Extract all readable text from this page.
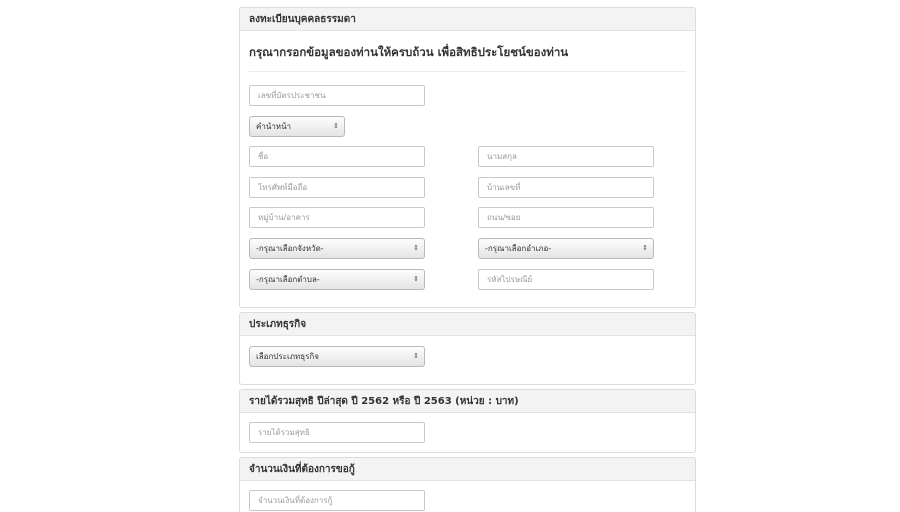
ลงทะเบียนบุคคลธรรมดา
กรุณากรอกข้อมูลของท่านให้ครบถ้วน เพื่อสิทธิประโยชน์ของท่าน
เลขที่บัตรประชาชน
คำนำหน้า	⇕
ชื่อ
นามสกุล
โทรศัพท์มือถือ
บ้านเลขที่
หมู่บ้าน/อาคาร
ถนน/ซอย
-กรุณาเลือกจังหวัด-	⇕	-กรุณาเลือกอำเภอ-	⇕
-กรุณาเลือกตำบล-	⇕
รหัสไปรษณีย์
ประเภทธุรกิจ
เลือกประเภทธุรกิจ	⇕
รายได้รวมสุทธิ ปีล่าสุด ปี 2562 หรือ ปี 2563 (หน่วย : บาท)
รายได้รวมสุทธิ
จำนวนเงินที่ต้องการขอกู้
จำนวนเงินที่ต้องการกู้
